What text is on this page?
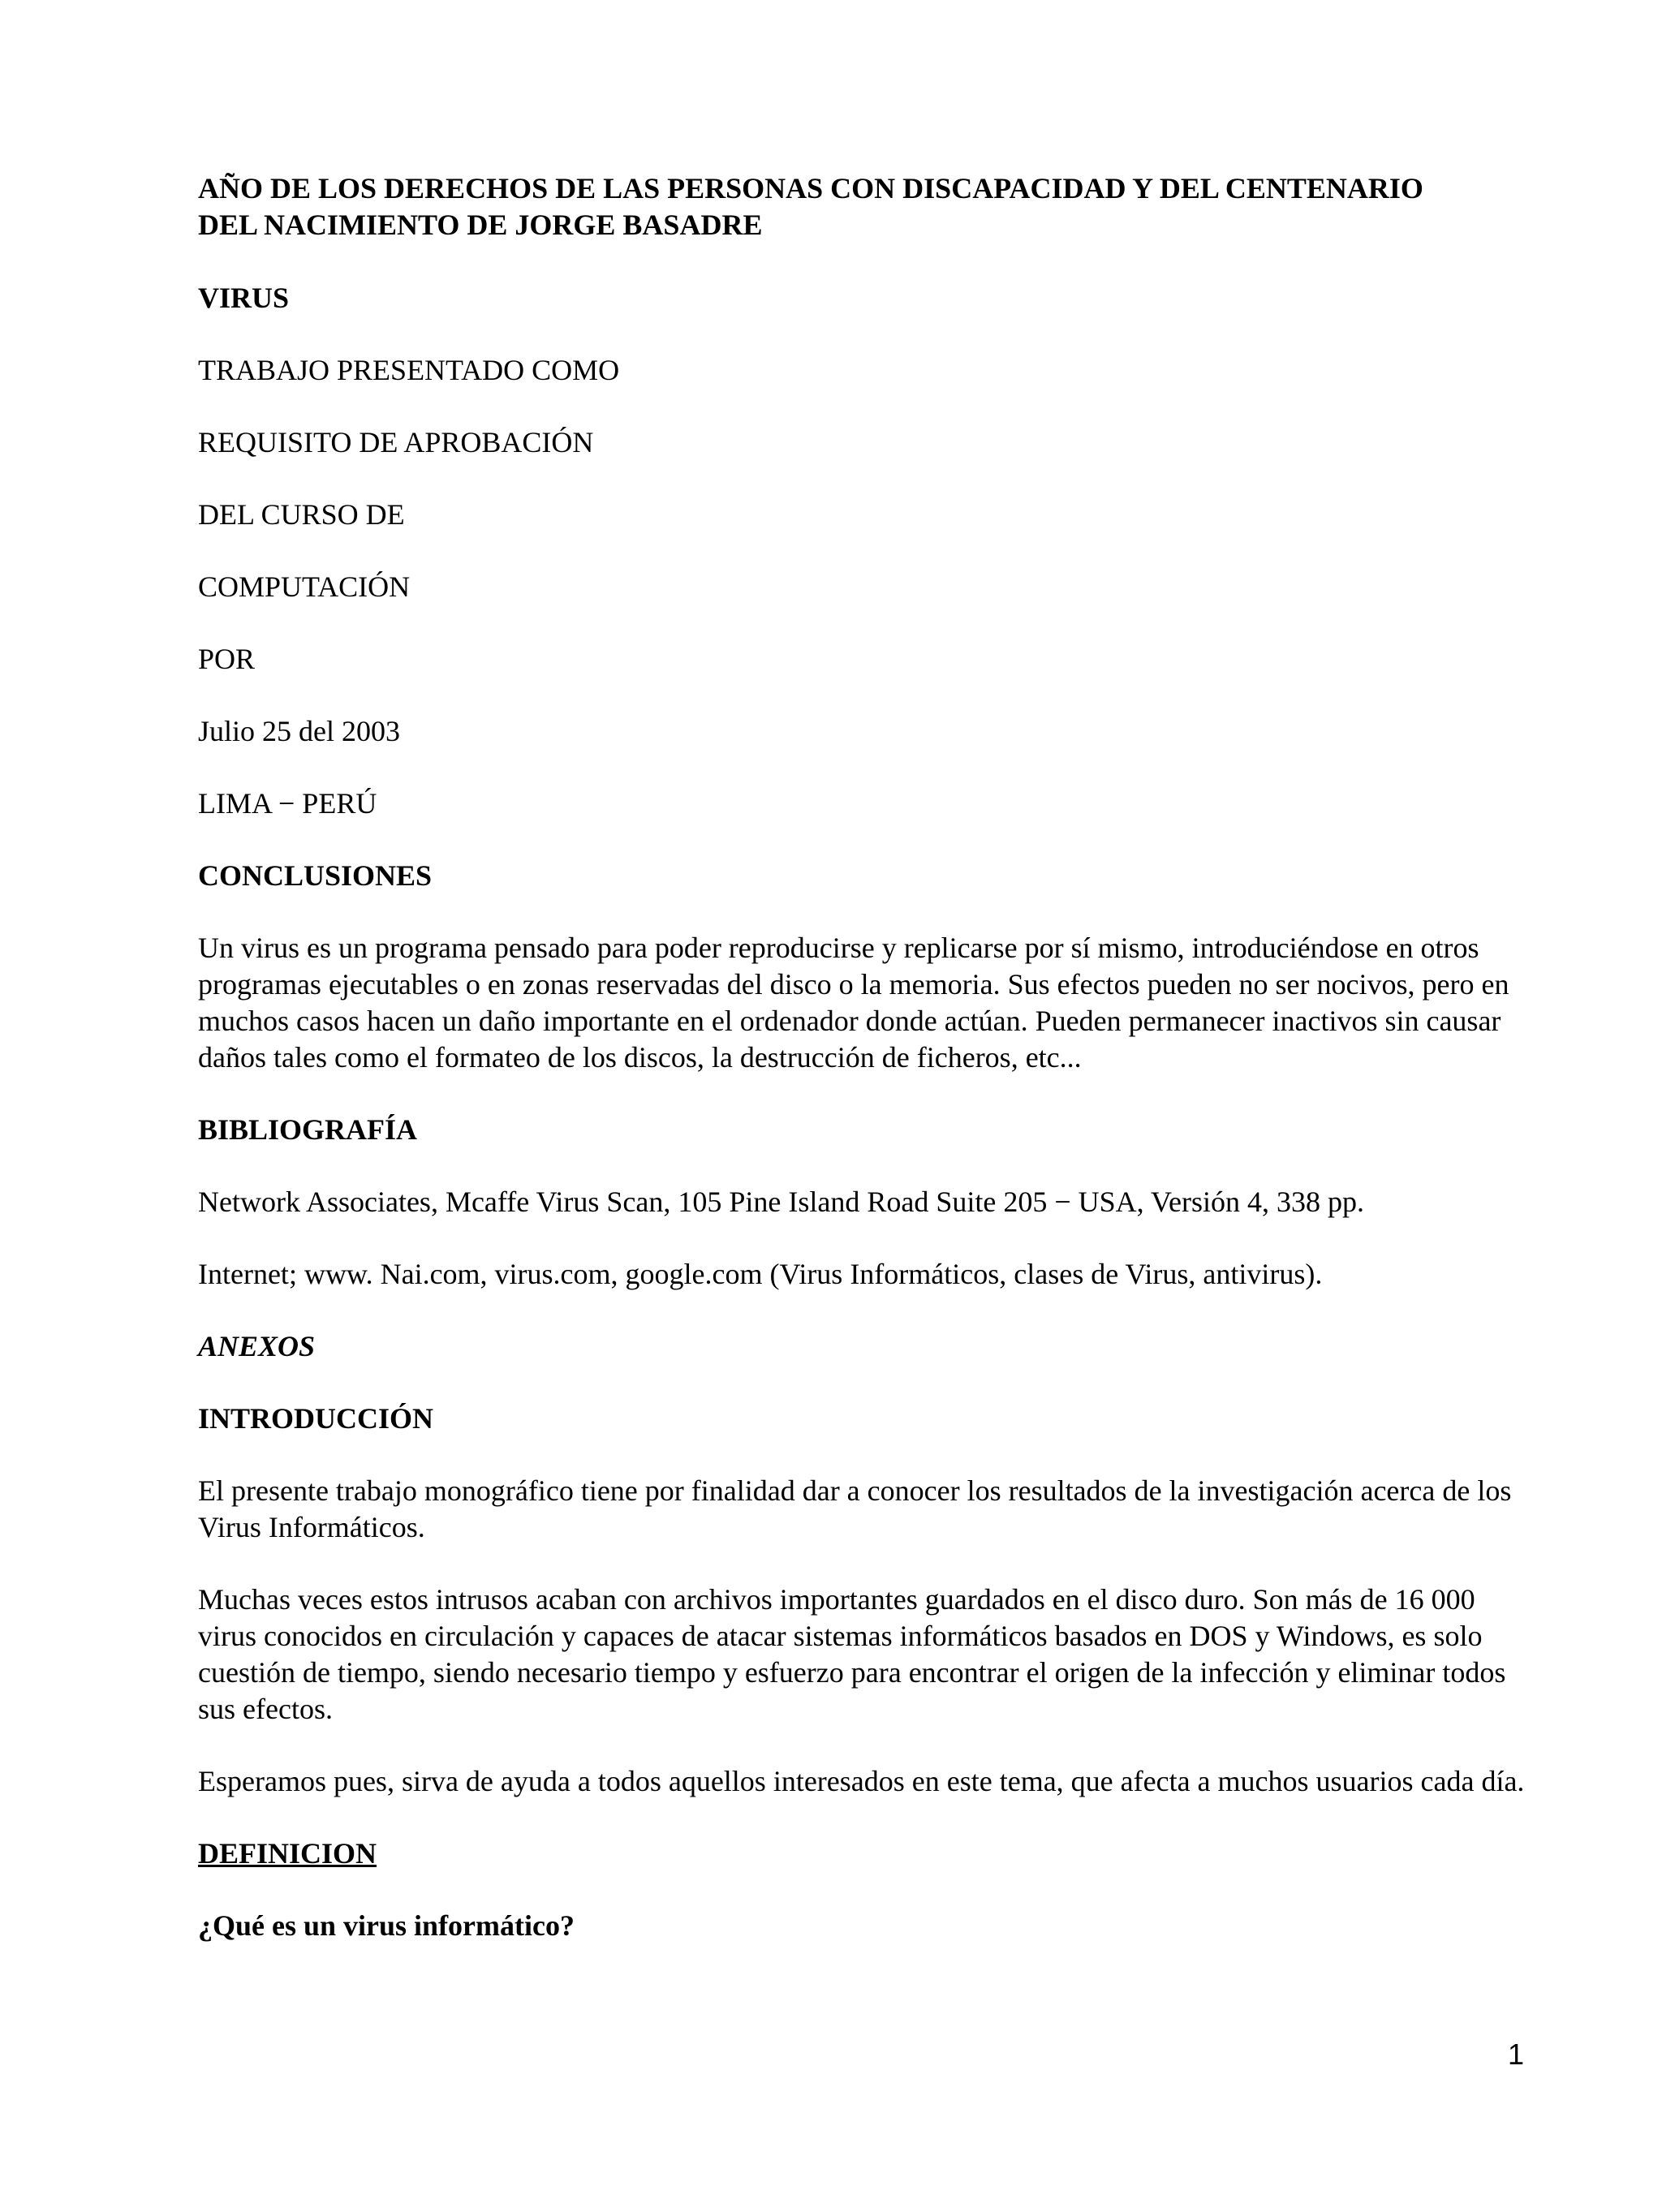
AÑO DE LOS DERECHOS DE LAS PERSONAS CON DISCAPACIDAD Y DEL CENTENARIO

DEL NACIMIENTO DE JORGE BASADRE

VIRUS

TRABAJO PRESENTADO COMO

REQUISITO DE APROBACIÓN

DEL CURSO DE

COMPUTACIÓN

POR

Julio 25 del 2003

LIMA − PERÚ

CONCLUSIONES

Un virus es un programa pensado para poder reproducirse y replicarse por sí mismo, introduciéndose en otros programas ejecutables o en zonas reservadas del disco o la memoria. Sus efectos pueden no ser nocivos, pero en muchos casos hacen un daño importante en el ordenador donde actúan. Pueden permanecer inactivos sin causar daños tales como el formateo de los discos, la destrucción de ficheros, etc...

BIBLIOGRAFÍA

Network Associates, Mcaffe Virus Scan, 105 Pine Island Road Suite 205 − USA, Versión 4, 338 pp.

Internet; www. Nai.com, virus.com, google.com (Virus Informáticos, clases de Virus, antivirus).

ANEXOS

INTRODUCCIÓN

El presente trabajo monográfico tiene por finalidad dar a conocer los resultados de la investigación acerca de los Virus Informáticos.

Muchas veces estos intrusos acaban con archivos importantes guardados en el disco duro. Son más de 16 000 virus conocidos en circulación y capaces de atacar sistemas informáticos basados en DOS y Windows, es solo cuestión de tiempo, siendo necesario tiempo y esfuerzo para encontrar el origen de la infección y eliminar todos sus efectos.

Esperamos pues, sirva de ayuda a todos aquellos interesados en este tema, que afecta a muchos usuarios cada día.

DEFINICION

¿Qué es un virus informático?

1
